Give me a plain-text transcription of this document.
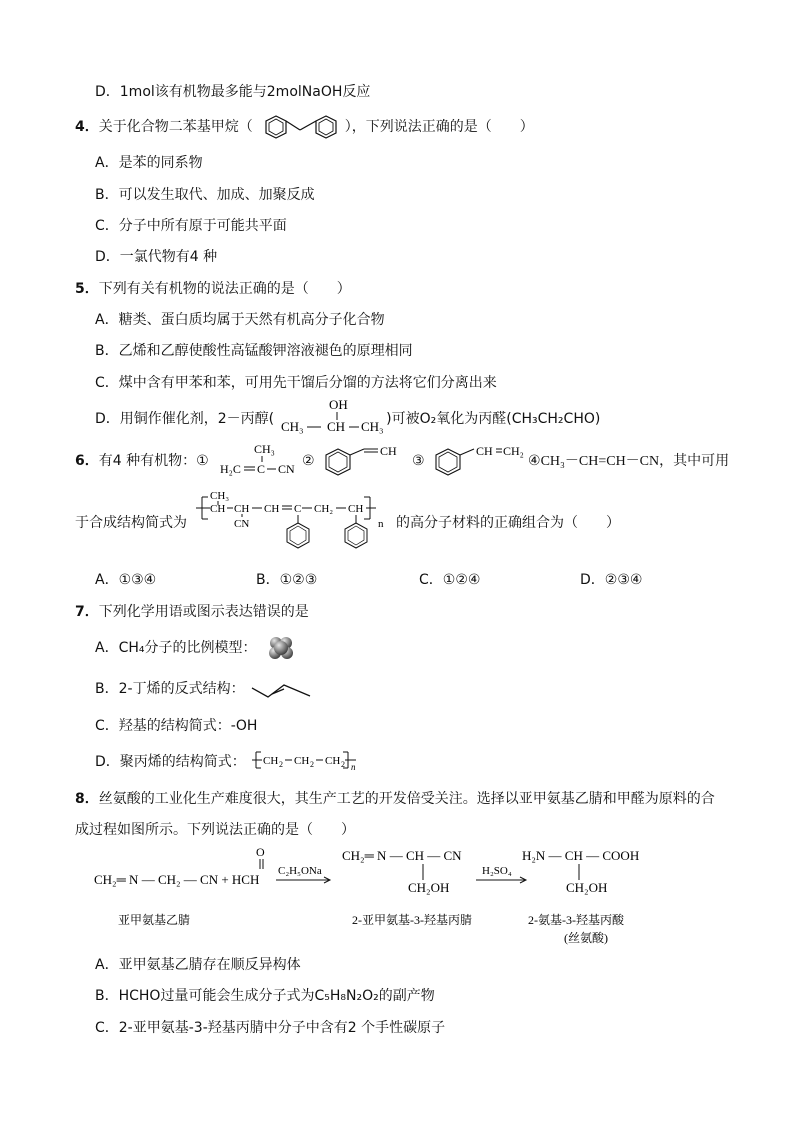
D．1mol该有机物最多能与2molNaOH反应
4．关于化合物二苯基甲烷（	），下列说法正确的是（　　）
A．是苯的同系物
B．可以发生取代、加成、加聚反成
C．分子中所有原于可能共平面
D．一氯代物有4 种
5．下列有关有机物的说法正确的是（　　）
A．糖类、蛋白质均属于天然有机高分子化合物
B．乙烯和乙醇使酸性高锰酸钾溶液褪色的原理相同
C．煤中含有甲苯和苯，可用先干馏后分馏的方法将它们分离出来
D．用铜作催化剂，2－丙醇(	)可被O₂氧化为丙醛(CH₃CH₂CHO)
OH
CH₃ CH CH₃
6．有4 种有机物：①
CH₃
H₂C C CN ②
CH
③
CH CH₂
④CH₃－CH=CH－CN，其中可用
于合成结构简式为
CH₃
CH CH
CN
CH C CH₂ CH
n 的高分子材料的正确组合为（　　）
A．①③④	B．①②③	C．①②④	D．②③④
7．下列化学用语或图示表达错误的是
A．CH₄分子的比例模型：
B．2-丁烯的反式结构：
C．羟基的结构简式：-OH
D．聚丙烯的结构简式： CH 2 CH 2 CH 2 n
8．丝氨酸的工业化生产难度很大，其生产工艺的开发倍受关注。选择以亚甲氨基乙腈和甲醛为原料的合
成过程如图所示。下列说法正确的是（　　）
O
CH₂═ N — CH₂ — CN + HCH
C₂H₅ONa
CH₂═ N — CH — CN
CH₂OH
H₂SO₄
H₂N — CH — COOH
CH₂OH
亚甲氨基乙腈	2-亚甲氨基-3-羟基丙腈	2-氨基-3-羟基丙酸
(丝氨酸)
A．亚甲氨基乙腈存在顺反异构体
B．HCHO过量可能会生成分子式为C₅H₈N₂O₂的副产物
C．2-亚甲氨基-3-羟基丙腈中分子中含有2 个手性碳原子
